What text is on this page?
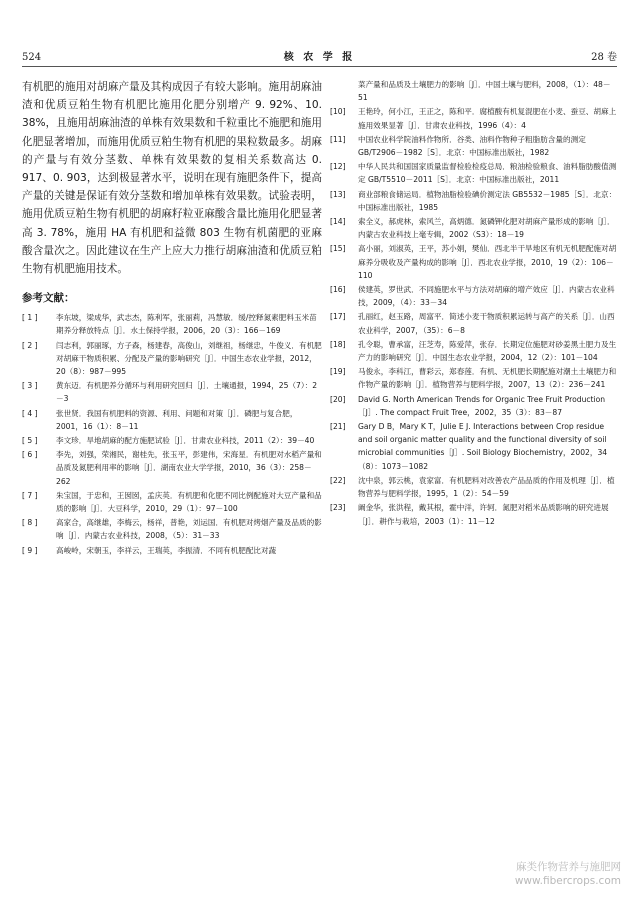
524	核 农 学 报	28 卷
有机肥的施用对胡麻产量及其构成因子有较大影响。施用胡麻油渣和优质豆粕生物有机肥比施用化肥分别增产 9. 92%、10. 38%，且施用胡麻油渣的单株有效果数和千粒重比不施肥和施用化肥显著增加，而施用优质豆粕生物有机肥的果粒数最多。胡麻的产量与有效分茎数、单株有效果数的复相关系数高达 0. 917、0. 903，达到极显著水平，说明在现有施肥条件下，提高产量的关键是保证有效分茎数和增加单株有效果数。试验表明，施用优质豆粕生物有机肥的胡麻籽粒亚麻酸含量比施用化肥显著高 3. 78%，施用 HA 有机肥和益微 803 生物有机菌肥的亚麻酸含量次之。因此建议在生产上应大力推行胡麻油渣和优质豆粕生物有机肥施用技术。
参考文献：
[ 1 ]	李东坡，梁成华，武志杰，陈利军，张丽莉，冯慧敏．缓/控释氮素肥料玉米苗期养分释放特点［J］．水土保持学报，2006，20（3）：166－169
[ 2 ]	闫志利，郭丽琢，方子森，杨建春，高俊山，刘继祖，杨继忠，牛俊义．有机肥对胡麻干物质积累、分配及产量的影响研究［J］．中国生态农业学报，2012，20（8）：987－995
[ 3 ]	黄东迈．有机肥养分循环与利用研究回归［J］．土壤通报，1994，25（7）：2－3
[ 4 ]	张世贤．我国有机肥料的资源、利用、问题和对策［J］．磷肥与复合肥，2001，16（1）：8－11
[ 5 ]	李文珍．旱地胡麻的配方施肥试验［J］．甘肃农业科技，2011（2）：39－40
[ 6 ]	李先，刘强，荣湘民，谢桂先，张玉平，彭建伟，宋海星．有机肥对水稻产量和品质及氮肥利用率的影响［J］．湖南农业大学学报，2010，36（3）：258－262
[ 7 ]	朱宝国，于忠和，王囡囡，孟庆英．有机肥和化肥不同比例配施对大豆产量和品质的影响［J］．大豆科学，2010，29（1）：97－100
[ 8 ]	高家合，高继雄，李梅云，杨祥，普艳，刘运国．有机肥对烤烟产量及品质的影响［J］．内蒙古农业科技，2008，（5）：31－33
[ 9 ]	高峻岭，宋朝玉，李祥云，王瑞英，李振清．不同有机肥配比对蔬
菜产量和品质及土壤肥力的影响［J］．中国土壤与肥料，2008，（1）：48－51
[10]	王艳玲，何小江，王正之，陈和平．腐植酸有机复混肥在小麦、蚕豆、胡麻上施用效果显著［J］．甘肃农业科技，1996（4）：4
[11]	中国农业科学院油料作物所．谷类、油料作物种子粗脂肪含量的测定 GB/T2906－1982［S］．北京：中国标准出版社，1982
[12]	中华人民共和国国家质量监督检验检疫总局．粮油检验粮食、油料脂肪酸值测定 GB/T5510－2011［S］．北京：中国标准出版社，2011
[13]	商业部粮食储运局．植物油脂检验碘价测定法 GB5532－1985［S］．北京：中国标准出版社，1985
[14]	索全义，郝虎林，索风兰，高炳德．氮磷钾化肥对胡麻产量形成的影响［J］．内蒙古农业科技上毫专辑，2002（S3）：18－19
[15]	高小丽，刘淑英，王平，苏小娟，樊仙．西北半干旱地区有机无机肥配施对胡麻养分吸收及产量构成的影响［J］．西北农业学报，2010，19（2）：106－110
[16]	侯建英，罗世武．不同施肥水平与方法对胡麻的增产效应［J］．内蒙古农业科技，2009，（4）：33－34
[17]	孔丽红，赵玉路，周富平．简述小麦干物质积累运转与高产的关系［J］．山西农业科学，2007，（35）：6－8
[18]	孔令聪，曹承富，汪芝寿，陈爱萍，张存．长期定位施肥对砂姜黑土肥力及生产力的影响研究［J］．中国生态农业学报，2004，12（2）：101－104
[19]	马俊永，李科江，曹彩云，郑春莲．有机、无机肥长期配施对潮土土壤肥力和作物产量的影响［J］．植物营养与肥料学报，2007，13（2）：236－241
[20]	David G. North American Trends for Organic Tree Fruit Production［J］. The compact Fruit Tree，2002，35（3）：83－87
[21]	Gary D B，Mary K T，Julie E J. Interactions between Crop residue and soil organic matter quality and the functional diversity of soil microbial communities［J］. Soil Biology Biochemistry，2002，34（8）：1073－1082
[22]	沈中泉，郭云桃，袁家富．有机肥料对改善农产品品质的作用及机理［J］．植物营养与肥料学报，1995，1（2）：54－59
[23]	阚金华，张洪程，戴其根，霍中洋，许轲．氮肥对稻米品质影响的研究进展［J］．耕作与栽培，2003（1）：11－12
麻类作物营养与施肥网
www.fibercrops.com
